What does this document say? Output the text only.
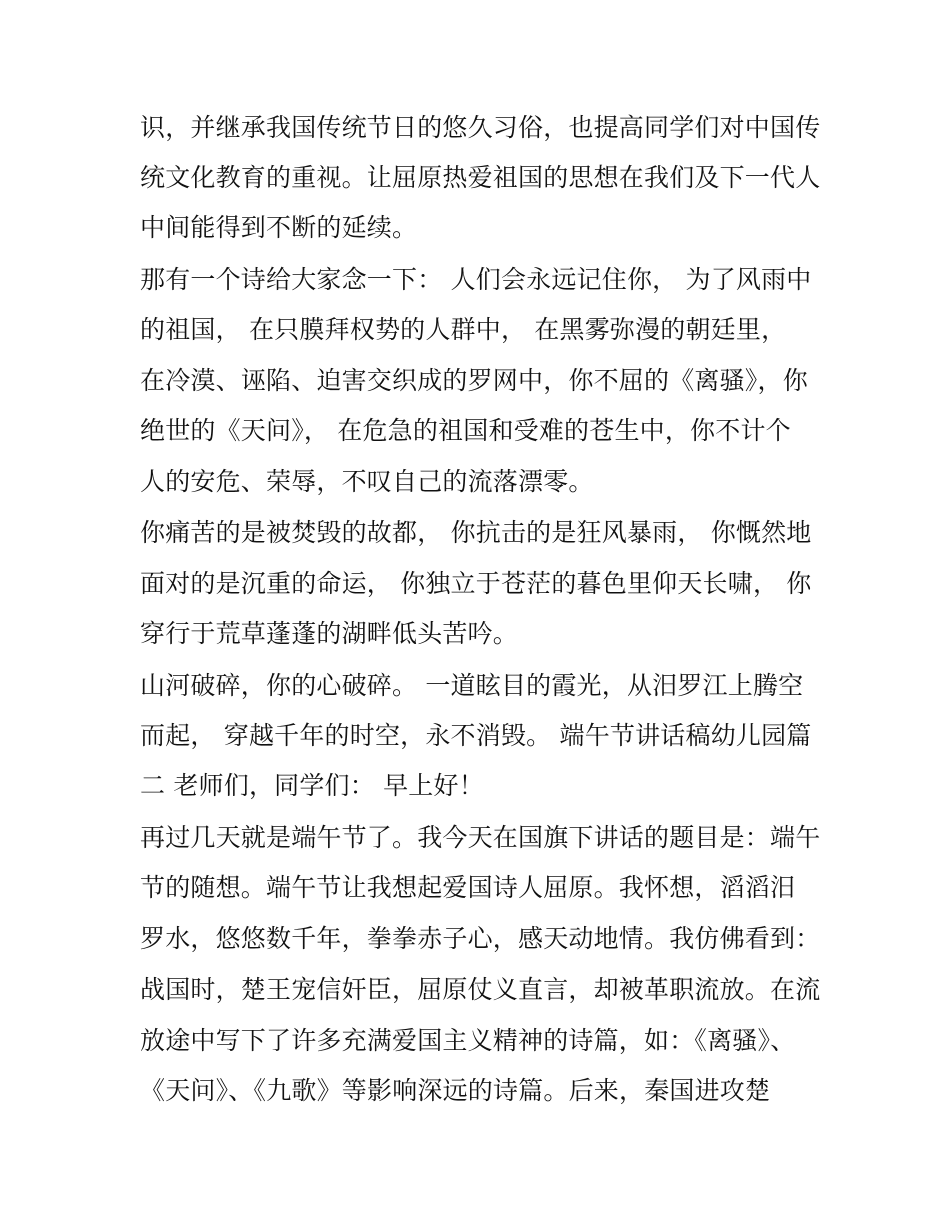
识，并继承我国传统节日的悠久习俗，也提高同学们对中国传

统文化教育的重视。让屈原热爱祖国的思想在我们及下一代人

中间能得到不断的延续。

那有一个诗给大家念一下： 人们会永远记住你， 为了风雨中

的祖国， 在只膜拜权势的人群中， 在黑雾弥漫的朝廷里，

在冷漠、诬陷、迫害交织成的罗网中，你不屈的《离骚》，你

绝世的《天问》， 在危急的祖国和受难的苍生中，你不计个

人的安危、荣辱，不叹自己的流落漂零。

你痛苦的是被焚毁的故都， 你抗击的是狂风暴雨， 你慨然地

面对的是沉重的命运， 你独立于苍茫的暮色里仰天长啸， 你

穿行于荒草蓬蓬的湖畔低头苦吟。

山河破碎，你的心破碎。 一道眩目的霞光，从汨罗江上腾空

而起， 穿越千年的时空，永不消毁。 端午节讲话稿幼儿园篇

二 老师们，同学们： 早上好！

再过几天就是端午节了。我今天在国旗下讲话的题目是：端午

节的随想。端午节让我想起爱国诗人屈原。我怀想，滔滔汨

罗水，悠悠数千年，拳拳赤子心，感天动地情。我仿佛看到：

战国时，楚王宠信奸臣，屈原仗义直言，却被革职流放。在流

放途中写下了许多充满爱国主义精神的诗篇，如：《离骚》、

《天问》、《九歌》等影响深远的诗篇。后来，秦国进攻楚
